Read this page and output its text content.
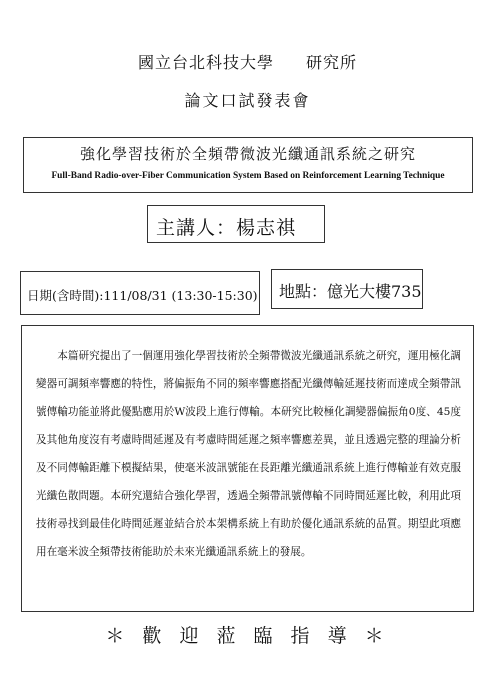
國立台北科技大學 研究所
論文口試發表會
強化學習技術於全頻帶微波光纖通訊系統之研究
Full-Band Radio-over-Fiber Communication System Based on Reinforcement Learning Technique
主講人：楊志祺
日期(含時間):111/08/31 (13:30-15:30) 地點：億光大樓735

本篇研究提出了一個運用強化學習技術於全頻帶微波光纖通訊系統之研究，運用極化調變器可調頻率響應的特性，將偏振角不同的頻率響應搭配光纖傳輸延遲技術而達成全頻帶訊號傳輸功能並將此優點應用於W波段上進行傳輸。本研究比較極化調變器偏振角0度、45度及其他角度沒有考慮時間延遲及有考慮時間延遲之頻率響應差異，並且透過完整的理論分析及不同傳輸距離下模擬結果，使毫米波訊號能在長距離光纖通訊系統上進行傳輸並有效克服光纖色散問題。本研究還結合強化學習，透過全頻帶訊號傳輸不同時間延遲比較，利用此項技術尋找到最佳化時間延遲並結合於本架構系統上有助於優化通訊系統的品質。期望此項應用在毫米波全頻帶技術能助於未來光纖通訊系統上的發展。

＊ 歡 迎 蒞 臨 指 導 ＊
